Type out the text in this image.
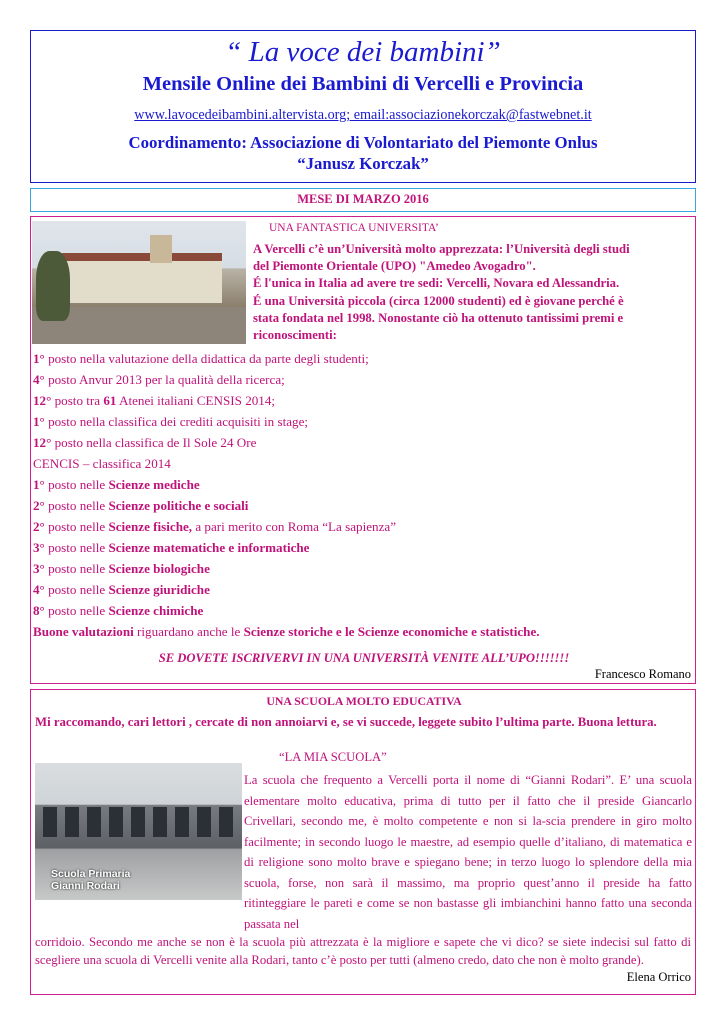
“ La voce dei bambini”
Mensile Online dei Bambini di Vercelli e Provincia
www.lavocedeibambini.altervista.org; email:associazionekorczak@fastwebnet.it
Coordinamento: Associazione di Volontariato del Piemonte Onlus
“Janusz Korczak”
MESE DI MARZO 2016
UNA FANTASTICA UNIVERSITA’
A Vercelli c’è un’Università molto apprezzata: l’Università degli studi
del Piemonte Orientale (UPO) "Amedeo Avogadro".
É l'unica in Italia ad avere tre sedi: Vercelli, Novara ed Alessandria.
É una Università piccola (circa 12000 studenti) ed è giovane perché è
stata fondata nel 1998. Nonostante ciò ha ottenuto tantissimi premi e
riconoscimenti:
1° posto nella valutazione della didattica da parte degli studenti;
4° posto Anvur 2013 per la qualità della ricerca;
12° posto tra 61 Atenei italiani CENSIS 2014;
1° posto nella classifica dei crediti acquisiti in stage;
12° posto nella classifica de Il Sole 24 Ore
CENCIS – classifica 2014
1° posto nelle Scienze mediche
2° posto nelle Scienze politiche e sociali
2° posto nelle Scienze fisiche, a pari merito con Roma “La sapienza”
3° posto nelle Scienze matematiche e informatiche
3° posto nelle Scienze biologiche
4° posto nelle Scienze giuridiche
8° posto nelle Scienze chimiche
Buone valutazioni riguardano anche le Scienze storiche e le Scienze economiche e statistiche.
SE DOVETE ISCRIVERVI IN UNA UNIVERSITÀ VENITE ALL’UPO!!!!!!!
Francesco Romano
UNA SCUOLA MOLTO EDUCATIVA
Mi raccomando, cari lettori , cercate di non annoiarvi e, se vi succede, leggete subito l’ultima parte. Buona lettura.
“LA MIA SCUOLA”
Scuola Primaria
Gianni Rodari
La scuola che frequento a Vercelli porta il nome di “Gianni Rodari”. E’ una scuola elementare molto educativa, prima di tutto per il fatto che il preside Giancarlo Crivellari, secondo me, è molto competente e non si la-scia prendere in giro molto facilmente; in secondo luogo le maestre, ad esempio quelle d’italiano, di matematica e di religione sono molto brave e spiegano bene; in terzo luogo lo splendore della mia scuola, forse, non sarà il massimo, ma proprio quest’anno il preside ha fatto ritinteggiare le pareti e come se non bastasse gli imbianchini hanno fatto una seconda passata nel
corridoio. Secondo me anche se non è la scuola più attrezzata è la migliore e sapete che vi dico? se siete indecisi sul fatto di scegliere una scuola di Vercelli venite alla Rodari, tanto c’è posto per tutti (almeno credo, dato che non è molto grande).
Elena Orrico
